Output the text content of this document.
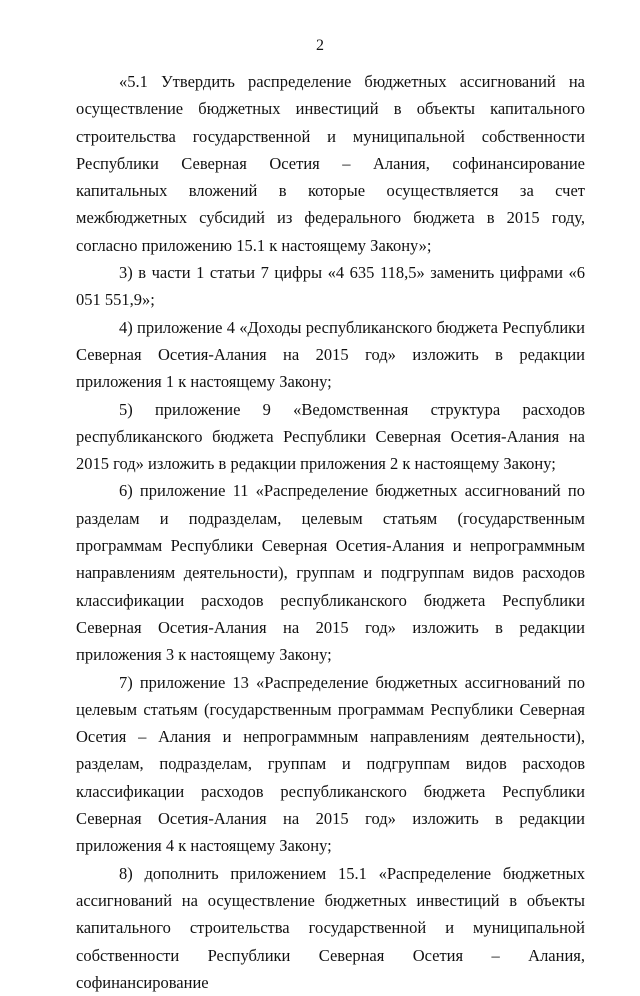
2

«5.1 Утвердить распределение бюджетных ассигнований на осуществление бюджетных инвестиций в объекты капитального строительства государственной и муниципальной собственности Республики Северная Осетия – Алания, софинансирование капитальных вложений в которые осуществляется за счет межбюджетных субсидий из федерального бюджета в 2015 году, согласно приложению 15.1 к настоящему Закону»;

3) в части 1 статьи 7 цифры «4 635 118,5» заменить цифрами «6 051 551,9»;

4) приложение 4 «Доходы республиканского бюджета Республики Северная Осетия-Алания на 2015 год» изложить в редакции приложения 1 к настоящему Закону;

5) приложение 9 «Ведомственная структура расходов республиканского бюджета Республики Северная Осетия-Алания на 2015 год» изложить в редакции приложения 2 к настоящему Закону;

6) приложение 11 «Распределение бюджетных ассигнований по разделам и подразделам, целевым статьям (государственным программам Республики Северная Осетия-Алания и непрограммным направлениям деятельности), группам и подгруппам видов расходов классификации расходов республиканского бюджета Республики Северная Осетия-Алания на 2015 год» изложить в редакции приложения 3 к настоящему Закону;

7) приложение 13 «Распределение бюджетных ассигнований по целевым статьям (государственным программам Республики Северная Осетия – Алания и непрограммным направлениям деятельности), разделам, подразделам, группам и подгруппам видов расходов классификации расходов республиканского бюджета Республики Северная Осетия-Алания на 2015 год» изложить в редакции приложения 4 к настоящему Закону;

8) дополнить приложением 15.1 «Распределение бюджетных ассигнований на осуществление бюджетных инвестиций в объекты капитального строительства государственной и муниципальной собственности Республики Северная Осетия – Алания, софинансирование
